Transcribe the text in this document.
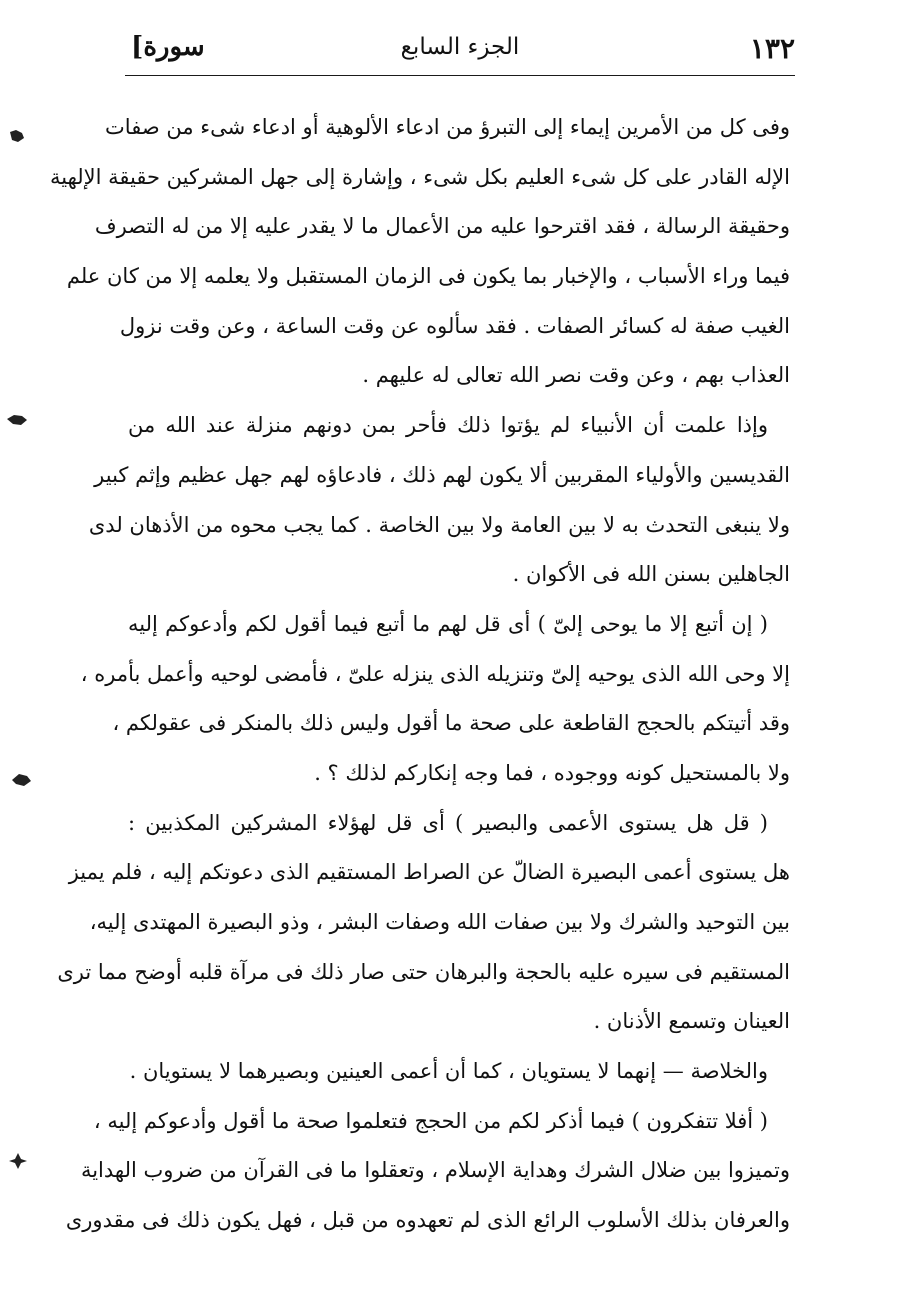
١٣٢
الجزء السابع
[سورة
وفى كل من الأمرين إيماء إلى التبرؤ من ادعاء الألوهية أو ادعاء شىء من صفات
الإله القادر على كل شىء العليم بكل شىء ، وإشارة إلى جهل المشركين حقيقة الإلهية
وحقيقة الرسالة ، فقد اقترحوا عليه من الأعمال ما لا يقدر عليه إلا من له التصرف
فيما وراء الأسباب ، والإخبار بما يكون فى الزمان المستقبل ولا يعلمه إلا من كان علم
الغيب صفة له كسائر الصفات . فقد سألوه عن وقت الساعة ، وعن وقت نزول
العذاب بهم ، وعن وقت نصر الله تعالى له عليهم .
وإذا علمت أن الأنبياء لم يؤتوا ذلك فأحر بمن دونهم منزلة عند الله من
القديسين والأولياء المقربين ألا يكون لهم ذلك ، فادعاؤه لهم جهل عظيم وإثم كبير
ولا ينبغى التحدث به لا بين العامة ولا بين الخاصة . كما يجب محوه من الأذهان لدى
الجاهلين بسنن الله فى الأكوان .
( إن أتبع إلا ما يوحى إلىّ ) أى قل لهم ما أتبع فيما أقول لكم وأدعوكم إليه
إلا وحى الله الذى يوحيه إلىّ وتنزيله الذى ينزله علىّ ، فأمضى لوحيه وأعمل بأمره ،
وقد أتيتكم بالحجج القاطعة على صحة ما أقول وليس ذلك بالمنكر فى عقولكم ،
ولا بالمستحيل كونه ووجوده ، فما وجه إنكاركم لذلك ؟ .
( قل هل يستوى الأعمى والبصير ) أى قل لهؤلاء المشركين المكذبين :
هل يستوى أعمى البصيرة الضالّ عن الصراط المستقيم الذى دعوتكم إليه ، فلم يميز
بين التوحيد والشرك ولا بين صفات الله وصفات البشر ، وذو البصيرة المهتدى إليه،
المستقيم فى سيره عليه بالحجة والبرهان حتى صار ذلك فى مرآة قلبه أوضح مما ترى
العينان وتسمع الأذنان .
والخلاصة — إنهما لا يستويان ، كما أن أعمى العينين وبصيرهما لا يستويان .
( أفلا تتفكرون ) فيما أذكر لكم من الحجج فتعلموا صحة ما أقول وأدعوكم إليه ،
وتميزوا بين ضلال الشرك وهداية الإسلام ، وتعقلوا ما فى القرآن من ضروب الهداية
والعرفان بذلك الأسلوب الرائع الذى لم تعهدوه من قبل ، فهل يكون ذلك فى مقدورى
